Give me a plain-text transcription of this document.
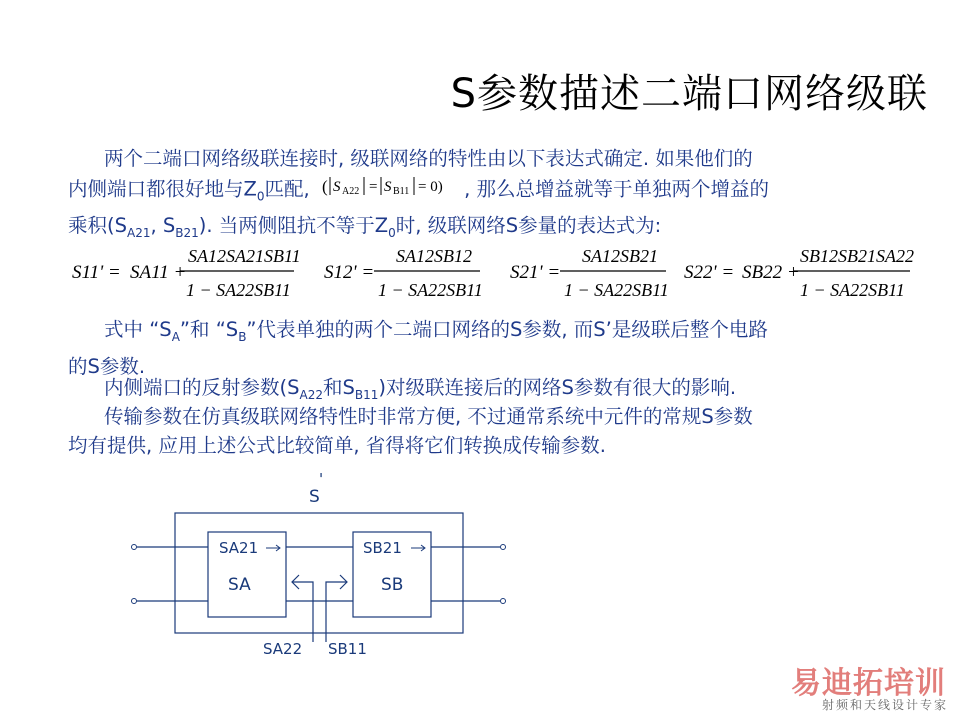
S参数描述二端口网络级联
两个二端口网络级联连接时, 级联网络的特性由以下表达式确定. 如果他们的
内侧端口都很好地与$Z_0$匹配, ( S A22 = S B11 = 0) , 那么总增益就等于单独两个增益的
乘积($S_{A21}$, $S_{B21}$). 当两侧阻抗不等于$Z_0$时, 级联网络S参量的表达式为:
S11' = SA11 +
SA12SA21SB11
1 − SA22SB11
S12' =
SA12SB12
1 − SA22SB11
S21' =
SA12SB21
1 − SA22SB11
S22' = SB22 +
SB12SB21SA22
1 − SA22SB11
式中 “$S_A$”和 “$S_B$”代表单独的两个二端口网络的S参数, 而S’是级联后整个电路
的S参数.
内侧端口的反射参数($S_{A22}$和$S_{B11}$)对级联连接后的网络S参数有很大的影响.
传输参数在仿真级联网络特性时非常方便, 不过通常系统中元件的常规S参数
均有提供, 应用上述公式比较简单, 省得将它们转换成传输参数.
S
'
SA21
SA
SB21
SB
SA22 SB11
易迪拓培训
射频和天线设计专家
